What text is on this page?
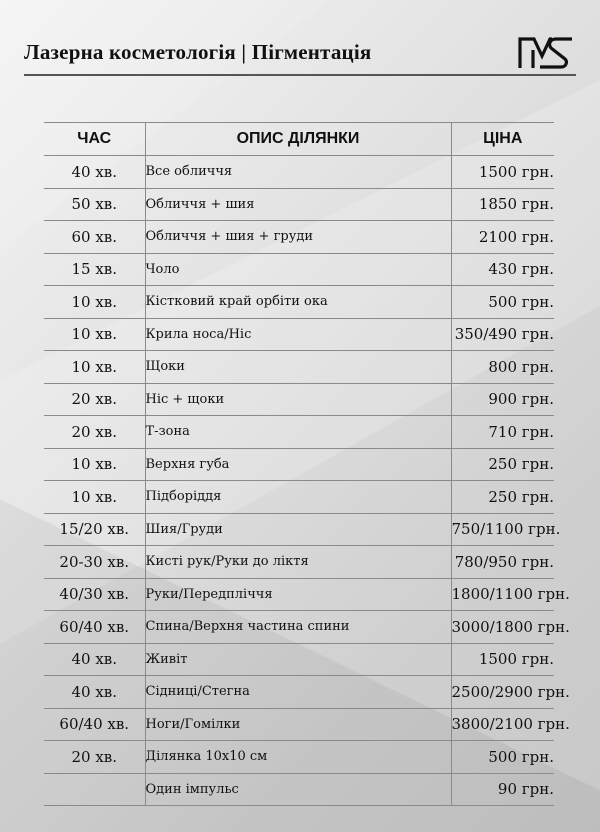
Лазерна косметологія | Пігментація
ЧАС	ОПИС ДІЛЯНКИ	ЦІНА
40 хв.	Все обличчя	1500 грн.
50 хв.	Обличчя + шия	1850 грн.
60 хв.	Обличчя + шия + груди	2100 грн.
15 хв.	Чоло	430 грн.
10 хв.	Кістковий край орбіти ока	500 грн.
10 хв.	Крила носа/Ніс	350/490 грн.
10 хв.	Щоки	800 грн.
20 хв.	Ніс + щоки	900 грн.
20 хв.	Т-зона	710 грн.
10 хв.	Верхня губа	250 грн.
10 хв.	Підборіддя	250 грн.
15/20 хв.	Шия/Груди	750/1100 грн.
20-30 хв.	Кисті рук/Руки до ліктя	780/950 грн.
40/30 хв.	Руки/Передпліччя	1800/1100 грн.
60/40 хв.	Спина/Верхня частина спини	3000/1800 грн.
40 хв.	Живіт	1500 грн.
40 хв.	Сідниці/Стегна	2500/2900 грн.
60/40 хв.	Ноги/Гомілки	3800/2100 грн.
20 хв.	Ділянка 10х10 см	500 грн.
	Один імпульс	90 грн.
